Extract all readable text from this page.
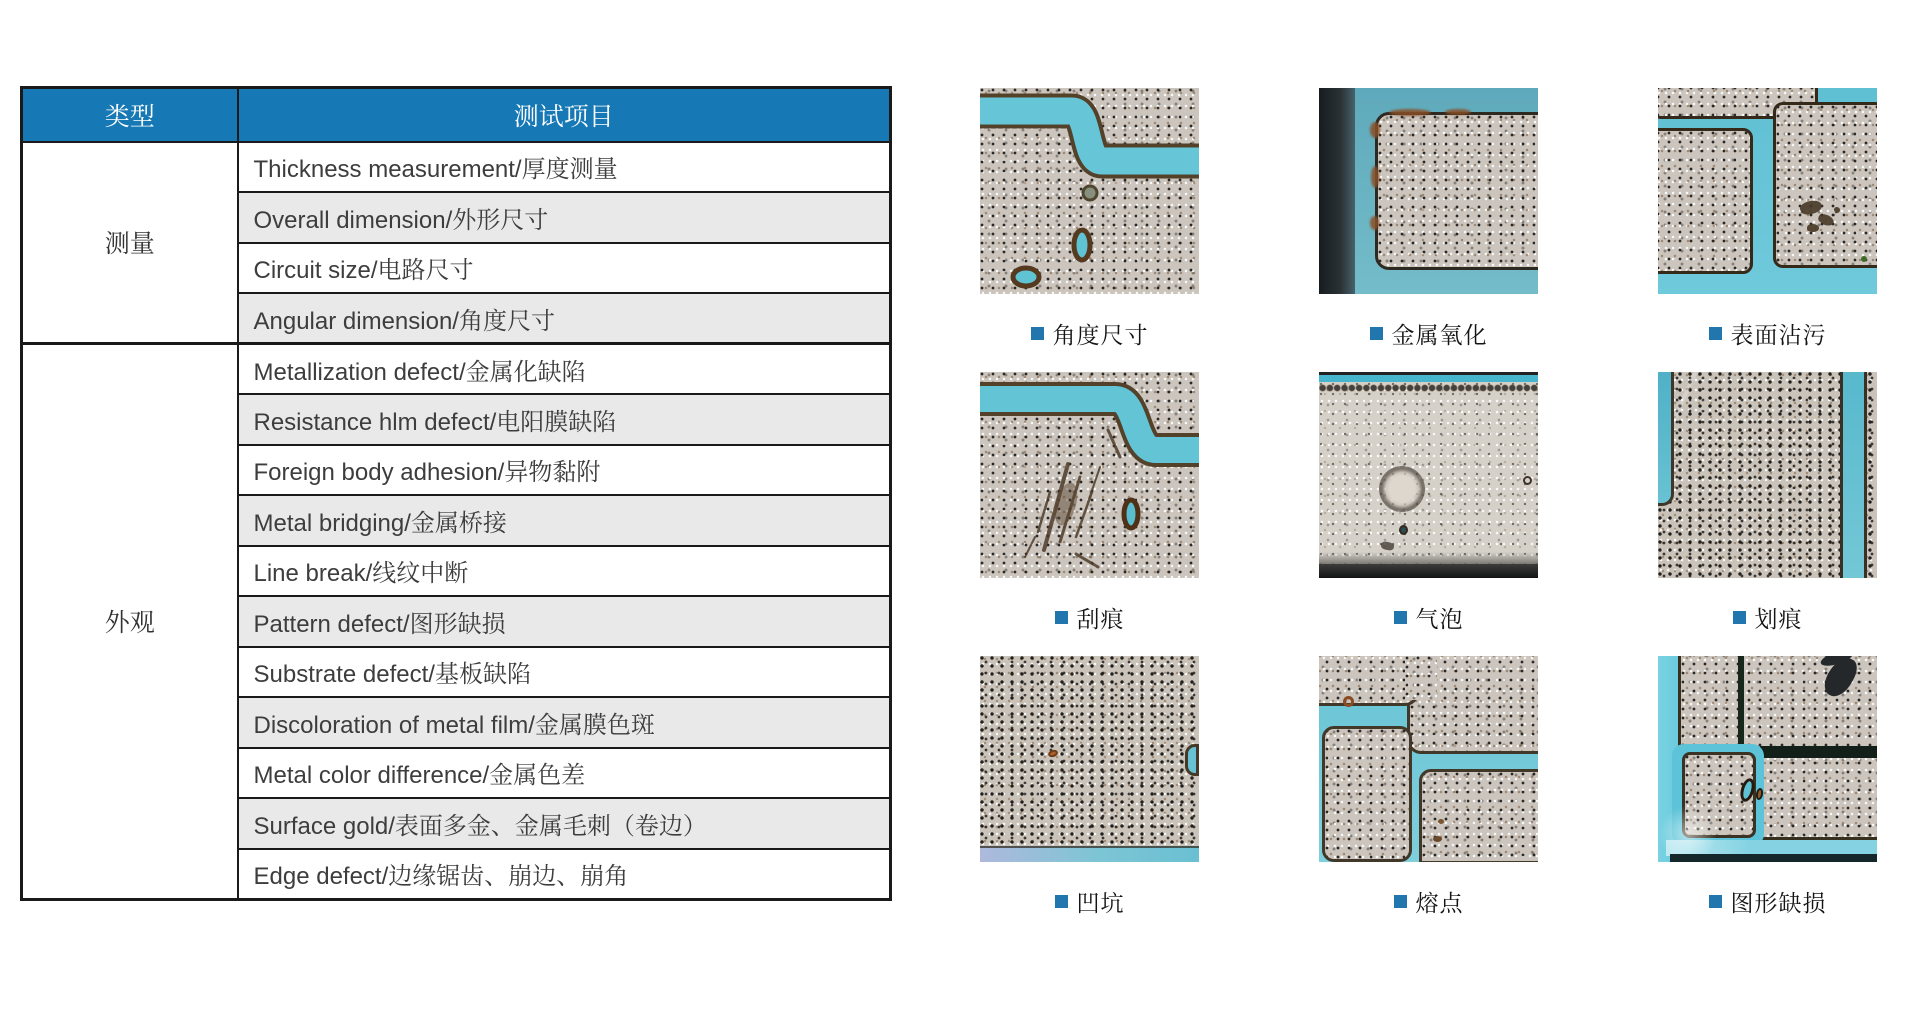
类型	测试项目
测量	Thickness measurement/厚度测量
	Overall dimension/外形尺寸
	Circuit size/电路尺寸
	Angular dimension/角度尺寸
外观	Metallization defect/金属化缺陷
	Resistance hlm defect/电阳膜缺陷
	Foreign body adhesion/异物黏附
	Metal bridging/金属桥接
	Line break/线纹中断
	Pattern defect/图形缺损
	Substrate defect/基板缺陷
	Discoloration of metal film/金属膜色斑
	Metal color difference/金属色差
	Surface gold/表面多金、金属毛刺（卷边）
	Edge defect/边缘锯齿、崩边、崩角
角度尺寸	金属氧化	表面沾污
刮痕	气泡	划痕
凹坑	熔点	图形缺损
